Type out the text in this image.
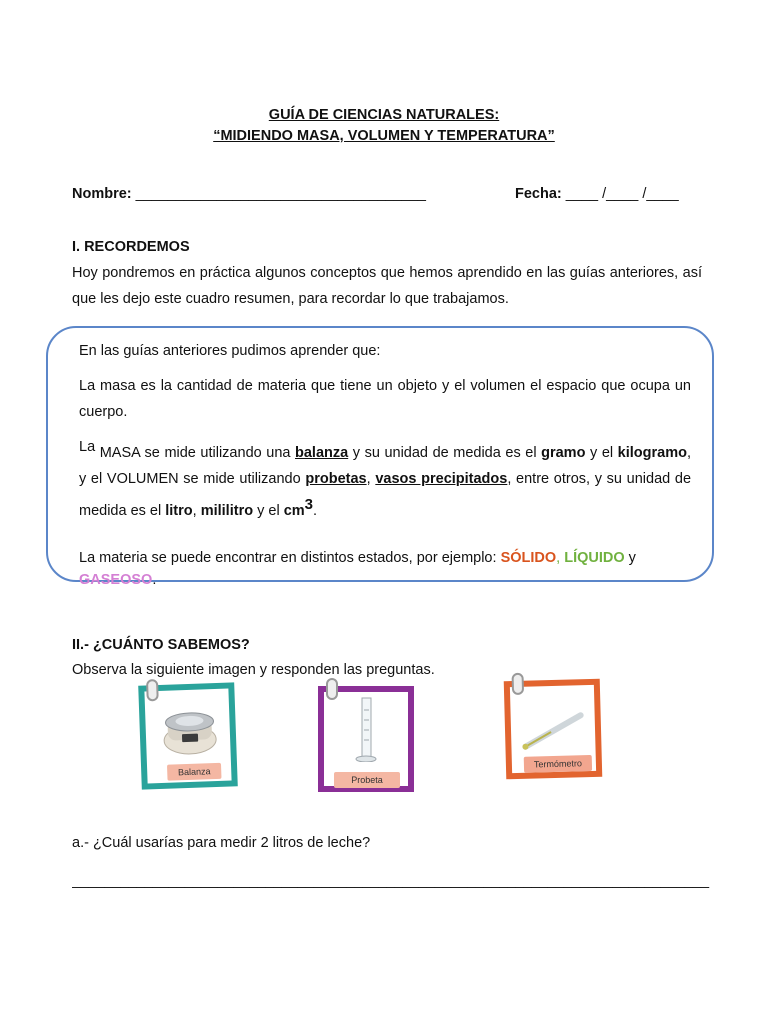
GUÍA DE CIENCIAS NATURALES:
“MIDIENDO MASA, VOLUMEN Y TEMPERATURA”
Nombre: ____________________________________	Fecha: ____ /____ /____
I. RECORDEMOS
Hoy pondremos en práctica algunos conceptos que hemos aprendido en las guías anteriores, así que les dejo este cuadro resumen, para recordar lo que trabajamos.
En las guías anteriores pudimos aprender que:
La masa es la cantidad de materia que tiene un objeto y el volumen el espacio que ocupa un cuerpo.
La MASA se mide utilizando una balanza y su unidad de medida es el gramo y el kilogramo, y el VOLUMEN se mide utilizando probetas, vasos precipitados, entre otros, y su unidad de medida es el litro, mililitro y el $cm^3$.
La materia se puede encontrar en distintos estados, por ejemplo: SÓLIDO, LÍQUIDO y
GASEOSO.
II.- ¿CUÁNTO SABEMOS?
Observa la siguiente imagen y responden las preguntas.
Balanza
Probeta
Termómetro
a.- ¿Cuál usarías para medir 2 litros de leche?
_______________________________________________________________________________
